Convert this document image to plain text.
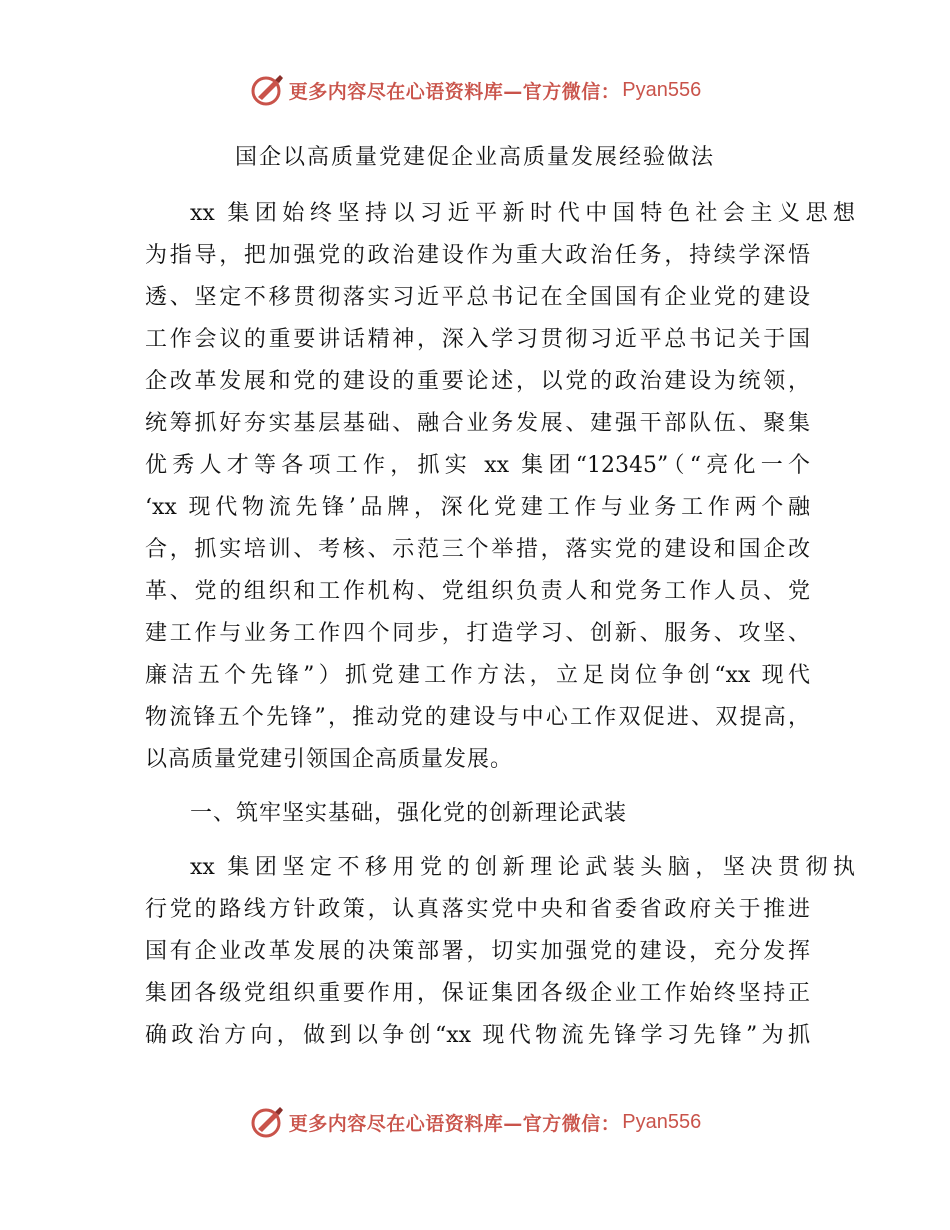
更多内容尽在心语资料库—官方微信： Pyan556
国企以高质量党建促企业高质量发展经验做法
xx 集团始终坚持以习近平新时代中国特色社会主义思想
为指导，把加强党的政治建设作为重大政治任务，持续学深悟
透、坚定不移贯彻落实习近平总书记在全国国有企业党的建设
工作会议的重要讲话精神，深入学习贯彻习近平总书记关于国
企改革发展和党的建设的重要论述，以党的政治建设为统领，
统筹抓好夯实基层基础、融合业务发展、建强干部队伍、聚集
优秀人才等各项工作，抓实 xx 集团“12345”（“亮化一个
‘xx 现代物流先锋’品牌，深化党建工作与业务工作两个融
合，抓实培训、考核、示范三个举措，落实党的建设和国企改
革、党的组织和工作机构、党组织负责人和党务工作人员、党
建工作与业务工作四个同步，打造学习、创新、服务、攻坚、
廉洁五个先锋”）抓党建工作方法，立足岗位争创“xx 现代
物流锋五个先锋”，推动党的建设与中心工作双促进、双提高，
以高质量党建引领国企高质量发展。
一、筑牢坚实基础，强化党的创新理论武装
xx 集团坚定不移用党的创新理论武装头脑，坚决贯彻执
行党的路线方针政策，认真落实党中央和省委省政府关于推进
国有企业改革发展的决策部署，切实加强党的建设，充分发挥
集团各级党组织重要作用，保证集团各级企业工作始终坚持正
确政治方向，做到以争创“xx 现代物流先锋学习先锋”为抓
更多内容尽在心语资料库—官方微信： Pyan556
